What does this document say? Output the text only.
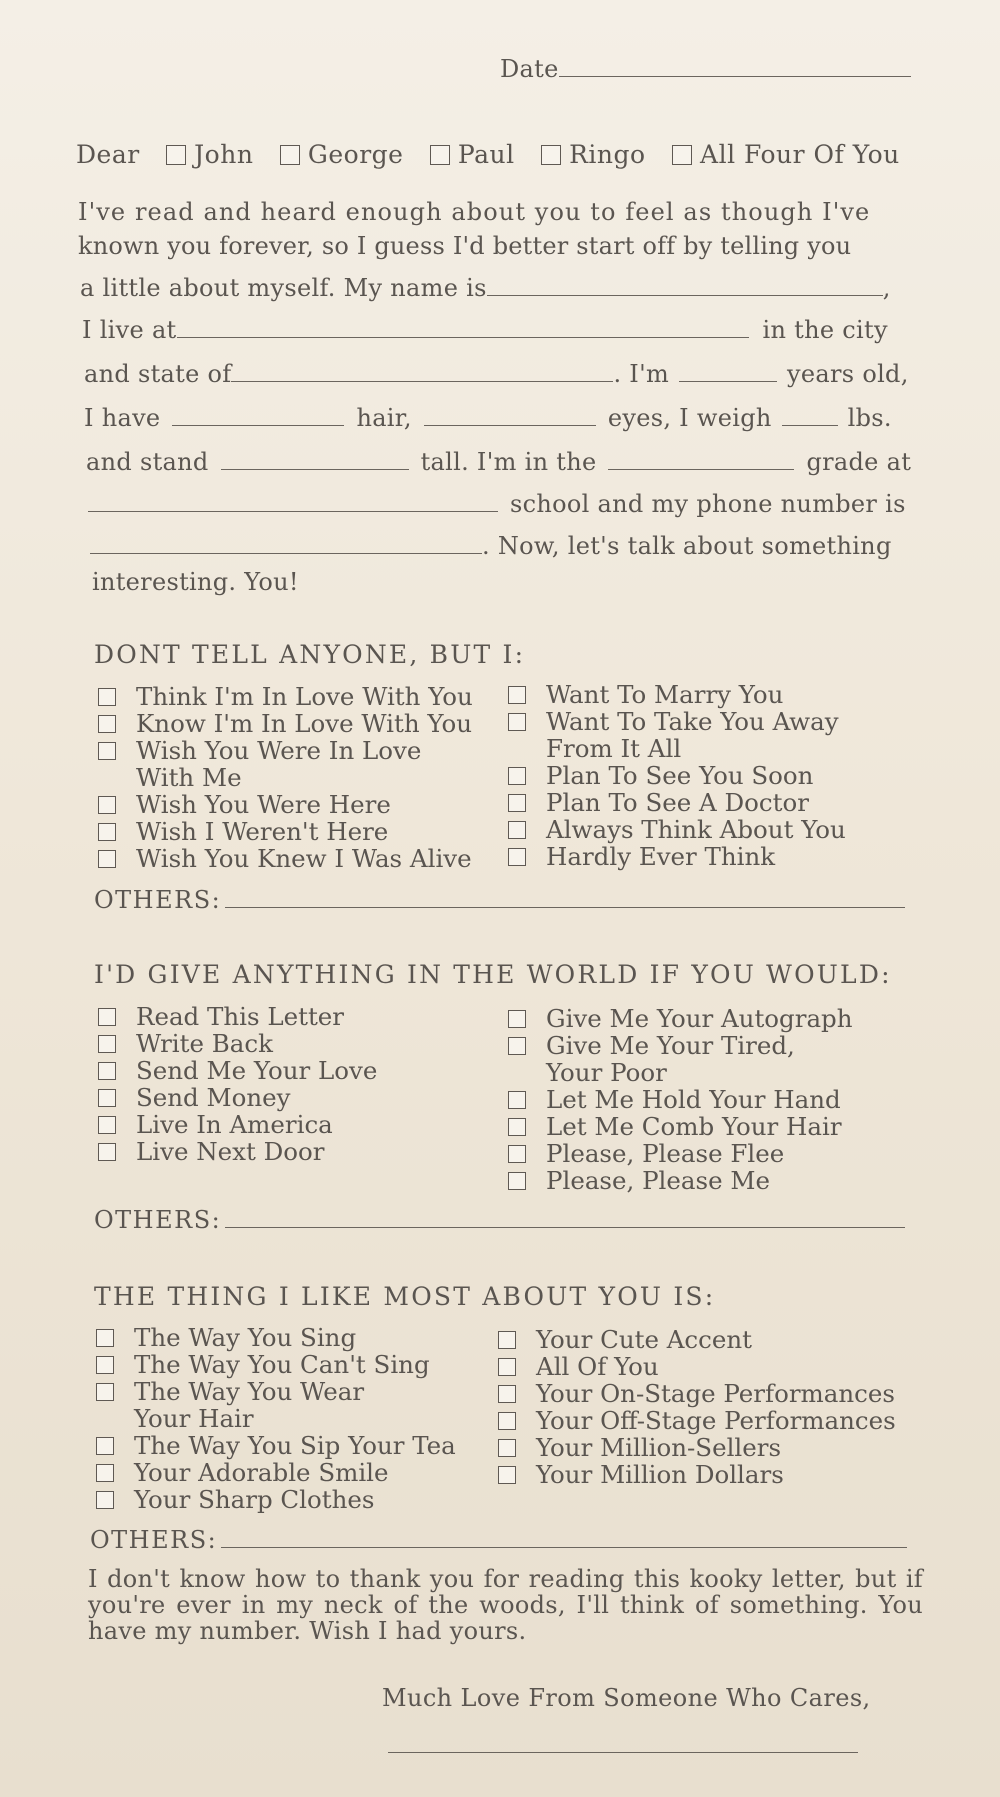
Date
Dear John George Paul Ringo All Four Of You
I've read and heard enough about you to feel as though I've
known you forever, so I guess I'd better start off by telling you
a little about myself. My name is	,
I live at	in the city
and state of	. I'm	years old,
I have	hair,	eyes, I weigh	lbs.
and stand	tall. I'm in the	grade at
school and my phone number is
. Now, let's talk about something
interesting. You!
DONT TELL ANYONE, BUT I:
Think I'm In Love With You
Know I'm In Love With You
Wish You Were In Love
With Me
Wish You Were Here
Wish I Weren't Here
Wish You Knew I Was Alive
Want To Marry You
Want To Take You Away
From It All
Plan To See You Soon
Plan To See A Doctor
Always Think About You
Hardly Ever Think
OTHERS:
I'D GIVE ANYTHING IN THE WORLD IF YOU WOULD:
Read This Letter
Write Back
Send Me Your Love
Send Money
Live In America
Live Next Door
Give Me Your Autograph
Give Me Your Tired,
Your Poor
Let Me Hold Your Hand
Let Me Comb Your Hair
Please, Please Flee
Please, Please Me
OTHERS:
THE THING I LIKE MOST ABOUT YOU IS:
The Way You Sing
The Way You Can't Sing
The Way You Wear
Your Hair
The Way You Sip Your Tea
Your Adorable Smile
Your Sharp Clothes
Your Cute Accent
All Of You
Your On-Stage Performances
Your Off-Stage Performances
Your Million-Sellers
Your Million Dollars
OTHERS:
I don't know how to thank you for reading this kooky letter, but if you're ever in my neck of the woods, I'll think of something. You have my number. Wish I had yours.
Much Love From Someone Who Cares,
